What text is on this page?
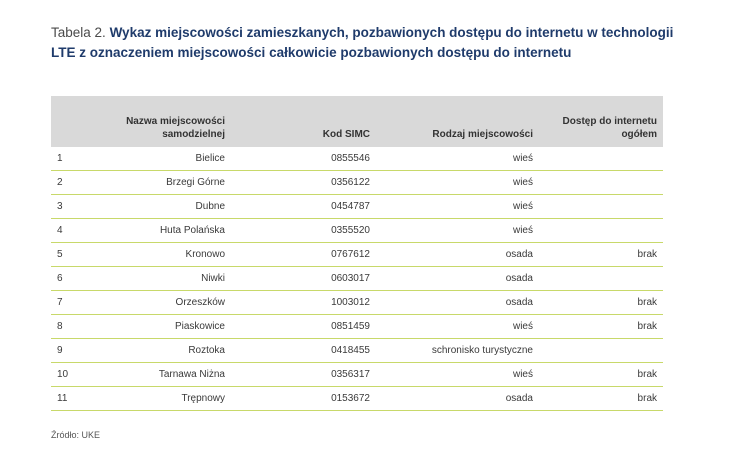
Tabela 2. Wykaz miejscowości zamieszkanych, pozbawionych dostępu do internetu w technologii LTE z oznaczeniem miejscowości całkowicie pozbawionych dostępu do internetu
	Nazwa miejscowości samodzielnej	Kod SIMC	Rodzaj miejscowości	Dostęp do internetu ogółem
1	Bielice	0855546	wieś	
2	Brzegi Górne	0356122	wieś	
3	Dubne	0454787	wieś	
4	Huta Polańska	0355520	wieś	
5	Kronowo	0767612	osada	brak
6	Niwki	0603017	osada	
7	Orzeszków	1003012	osada	brak
8	Piaskowice	0851459	wieś	brak
9	Roztoka	0418455	schronisko turystyczne	
10	Tarnawa Niżna	0356317	wieś	brak
11	Trępnowy	0153672	osada	brak
Źródło: UKE
